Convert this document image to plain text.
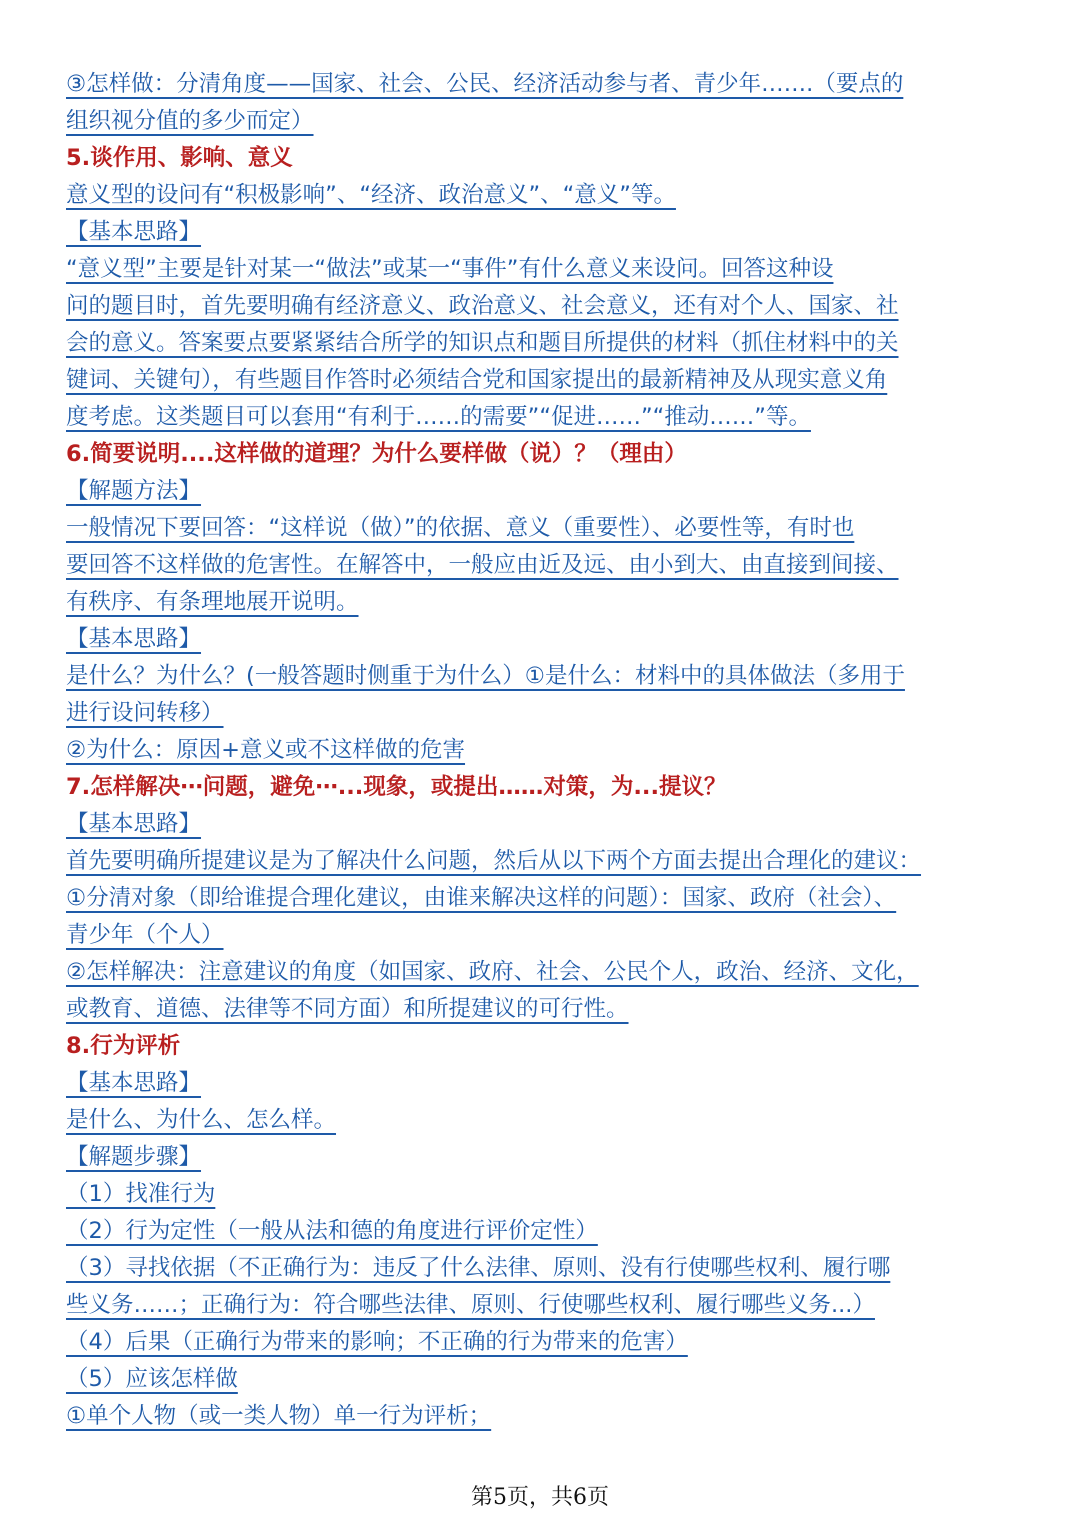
③怎样做：分清角度——国家、社会、公民、经济活动参与者、青少年…….（要点的
组织视分值的多少而定）
5.谈作用、影响、意义
意义型的设问有“积极影响”、“经济、政治意义”、“意义”等。
【基本思路】
“意义型”主要是针对某一“做法”或某一“事件”有什么意义来设问。回答这种设
问的题目时，首先要明确有经济意义、政治意义、社会意义，还有对个人、国家、社
会的意义。答案要点要紧紧结合所学的知识点和题目所提供的材料（抓住材料中的关
键词、关键句），有些题目作答时必须结合党和国家提出的最新精神及从现实意义角
度考虑。这类题目可以套用“有利于……的需要”“促进……”“推动……”等。
6.简要说明....这样做的道理？为什么要样做（说）？（理由）
【解题方法】
一般情况下要回答：“这样说（做）”的依据、意义（重要性）、必要性等，有时也
要回答不这样做的危害性。在解答中，一般应由近及远、由小到大、由直接到间接、
有秩序、有条理地展开说明。
【基本思路】
是什么？为什么？(一般答题时侧重于为什么）①是什么：材料中的具体做法（多用于
进行设问转移）
②为什么：原因+意义或不这样做的危害
7.怎样解决⋯问题，避免⋯...现象，或提出……对策，为...提议？
【基本思路】
首先要明确所提建议是为了解决什么问题，然后从以下两个方面去提出合理化的建议：
①分清对象（即给谁提合理化建议，由谁来解决这样的问题）：国家、政府（社会）、
青少年（个人）
②怎样解决：注意建议的角度（如国家、政府、社会、公民个人，政治、经济、文化，
或教育、道德、法律等不同方面）和所提建议的可行性。
8.行为评析
【基本思路】
是什么、为什么、怎么样。
【解题步骤】
（1）找准行为
（2）行为定性（一般从法和德的角度进行评价定性）
（3）寻找依据（不正确行为：违反了什么法律、原则、没有行使哪些权利、履行哪
些义务……；正确行为：符合哪些法律、原则、行使哪些权利、履行哪些义务...）
（4）后果（正确行为带来的影响；不正确的行为带来的危害）
（5）应该怎样做
①单个人物（或一类人物）单一行为评析；
第5页，共6页
